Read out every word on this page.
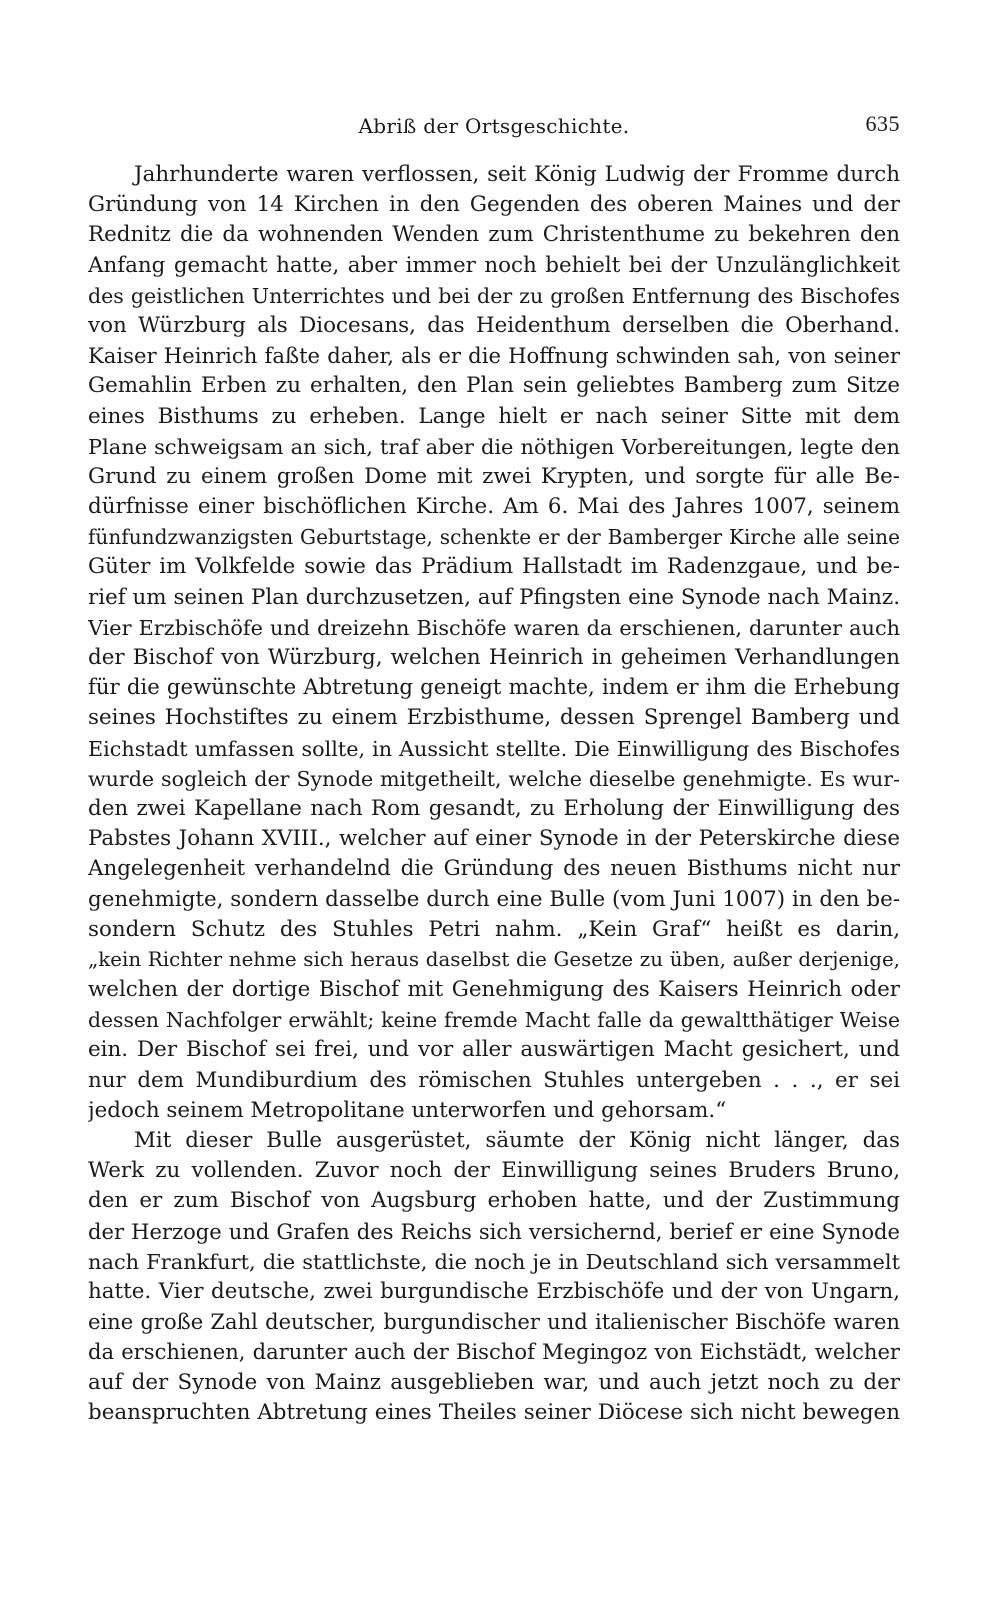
Abriß der Ortsgeschichte.	635
Jahrhunderte waren verflossen, seit König Ludwig der Fromme durch
Gründung von 14 Kirchen in den Gegenden des oberen Maines und der
Rednitz die da wohnenden Wenden zum Christenthume zu bekehren den
Anfang gemacht hatte, aber immer noch behielt bei der Unzulänglichkeit
des geistlichen Unterrichtes und bei der zu großen Entfernung des Bischofes
von Würzburg als Diocesans, das Heidenthum derselben die Oberhand.
Kaiser Heinrich faßte daher, als er die Hoffnung schwinden sah, von seiner
Gemahlin Erben zu erhalten, den Plan sein geliebtes Bamberg zum Sitze
eines Bisthums zu erheben. Lange hielt er nach seiner Sitte mit dem
Plane schweigsam an sich, traf aber die nöthigen Vorbereitungen, legte den
Grund zu einem großen Dome mit zwei Krypten, und sorgte für alle Be-
dürfnisse einer bischöflichen Kirche. Am 6. Mai des Jahres 1007, seinem
fünfundzwanzigsten Geburtstage, schenkte er der Bamberger Kirche alle seine
Güter im Volkfelde sowie das Prädium Hallstadt im Radenzgaue, und be-
rief um seinen Plan durchzusetzen, auf Pfingsten eine Synode nach Mainz.
Vier Erzbischöfe und dreizehn Bischöfe waren da erschienen, darunter auch
der Bischof von Würzburg, welchen Heinrich in geheimen Verhandlungen
für die gewünschte Abtretung geneigt machte, indem er ihm die Erhebung
seines Hochstiftes zu einem Erzbisthume, dessen Sprengel Bamberg und
Eichstadt umfassen sollte, in Aussicht stellte. Die Einwilligung des Bischofes
wurde sogleich der Synode mitgetheilt, welche dieselbe genehmigte. Es wur-
den zwei Kapellane nach Rom gesandt, zu Erholung der Einwilligung des
Pabstes Johann XVIII., welcher auf einer Synode in der Peterskirche diese
Angelegenheit verhandelnd die Gründung des neuen Bisthums nicht nur
genehmigte, sondern dasselbe durch eine Bulle (vom Juni 1007) in den be-
sondern Schutz des Stuhles Petri nahm. „Kein Graf“ heißt es darin,
„kein Richter nehme sich heraus daselbst die Gesetze zu üben, außer derjenige,
welchen der dortige Bischof mit Genehmigung des Kaisers Heinrich oder
dessen Nachfolger erwählt; keine fremde Macht falle da gewaltthätiger Weise
ein. Der Bischof sei frei, und vor aller auswärtigen Macht gesichert, und
nur dem Mundiburdium des römischen Stuhles untergeben . . ., er sei
jedoch seinem Metropolitane unterworfen und gehorsam.“
Mit dieser Bulle ausgerüstet, säumte der König nicht länger, das
Werk zu vollenden. Zuvor noch der Einwilligung seines Bruders Bruno,
den er zum Bischof von Augsburg erhoben hatte, und der Zustimmung
der Herzoge und Grafen des Reichs sich versichernd, berief er eine Synode
nach Frankfurt, die stattlichste, die noch je in Deutschland sich versammelt
hatte. Vier deutsche, zwei burgundische Erzbischöfe und der von Ungarn,
eine große Zahl deutscher, burgundischer und italienischer Bischöfe waren
da erschienen, darunter auch der Bischof Megingoz von Eichstädt, welcher
auf der Synode von Mainz ausgeblieben war, und auch jetzt noch zu der
beanspruchten Abtretung eines Theiles seiner Diöcese sich nicht bewegen
